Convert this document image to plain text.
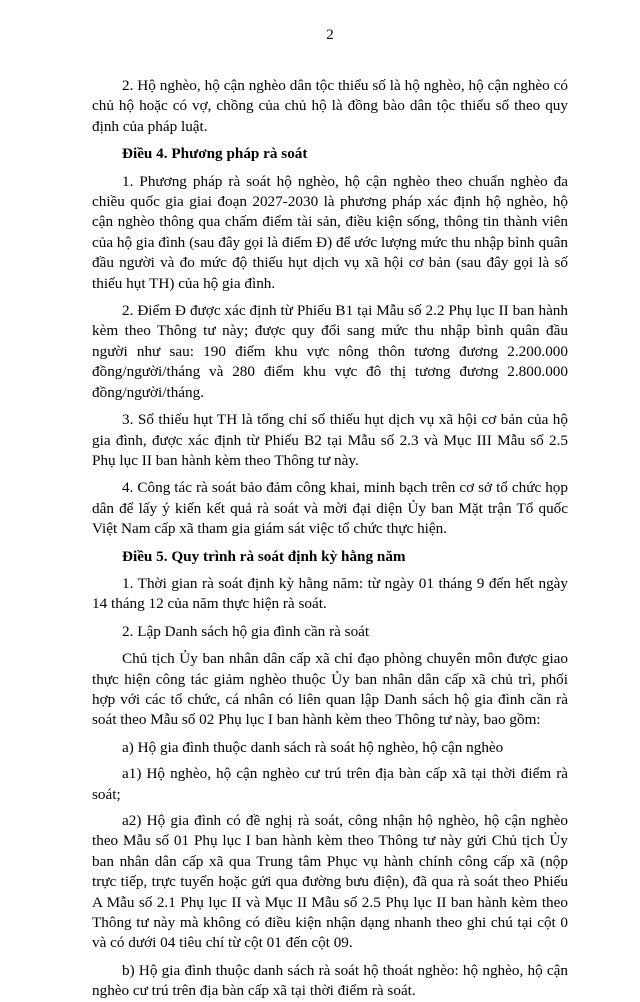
2

2. Hộ nghèo, hộ cận nghèo dân tộc thiểu số là hộ nghèo, hộ cận nghèo có chủ hộ hoặc có vợ, chồng của chủ hộ là đồng bào dân tộc thiểu số theo quy định của pháp luật.

Điều 4. Phương pháp rà soát

1. Phương pháp rà soát hộ nghèo, hộ cận nghèo theo chuẩn nghèo đa chiều quốc gia giai đoạn 2027-2030 là phương pháp xác định hộ nghèo, hộ cận nghèo thông qua chấm điểm tài sản, điều kiện sống, thông tin thành viên của hộ gia đình (sau đây gọi là điểm Đ) để ước lượng mức thu nhập bình quân đầu người và đo mức độ thiếu hụt dịch vụ xã hội cơ bản (sau đây gọi là số thiếu hụt TH) của hộ gia đình.

2. Điểm Đ được xác định từ Phiếu B1 tại Mẫu số 2.2 Phụ lục II ban hành kèm theo Thông tư này; được quy đổi sang mức thu nhập bình quân đầu người như sau: 190 điểm khu vực nông thôn tương đương 2.200.000 đồng/người/tháng và 280 điểm khu vực đô thị tương đương 2.800.000 đồng/người/tháng.

3. Số thiếu hụt TH là tổng chỉ số thiếu hụt dịch vụ xã hội cơ bản của hộ gia đình, được xác định từ Phiếu B2 tại Mẫu số 2.3 và Mục III Mẫu số 2.5 Phụ lục II ban hành kèm theo Thông tư này.

4. Công tác rà soát bảo đảm công khai, minh bạch trên cơ sở tổ chức họp dân để lấy ý kiến kết quả rà soát và mời đại diện Ủy ban Mặt trận Tổ quốc Việt Nam cấp xã tham gia giám sát việc tổ chức thực hiện.

Điều 5. Quy trình rà soát định kỳ hằng năm

1. Thời gian rà soát định kỳ hằng năm: từ ngày 01 tháng 9 đến hết ngày 14 tháng 12 của năm thực hiện rà soát.

2. Lập Danh sách hộ gia đình cần rà soát

Chủ tịch Ủy ban nhân dân cấp xã chỉ đạo phòng chuyên môn được giao thực hiện công tác giảm nghèo thuộc Ủy ban nhân dân cấp xã chủ trì, phối hợp với các tổ chức, cá nhân có liên quan lập Danh sách hộ gia đình cần rà soát theo Mẫu số 02 Phụ lục I ban hành kèm theo Thông tư này, bao gồm:

a) Hộ gia đình thuộc danh sách rà soát hộ nghèo, hộ cận nghèo

a1) Hộ nghèo, hộ cận nghèo cư trú trên địa bàn cấp xã tại thời điểm rà soát;

a2) Hộ gia đình có đề nghị rà soát, công nhận hộ nghèo, hộ cận nghèo theo Mẫu số 01 Phụ lục I ban hành kèm theo Thông tư này gửi Chủ tịch Ủy ban nhân dân cấp xã qua Trung tâm Phục vụ hành chính công cấp xã (nộp trực tiếp, trực tuyến hoặc gửi qua đường bưu điện), đã qua rà soát theo Phiếu A Mẫu số 2.1 Phụ lục II và Mục II Mẫu số 2.5 Phụ lục II ban hành kèm theo Thông tư này mà không có điều kiện nhận dạng nhanh theo ghi chú tại cột 0 và có dưới 04 tiêu chí từ cột 01 đến cột 09.

b) Hộ gia đình thuộc danh sách rà soát hộ thoát nghèo: hộ nghèo, hộ cận nghèo cư trú trên địa bàn cấp xã tại thời điểm rà soát.
